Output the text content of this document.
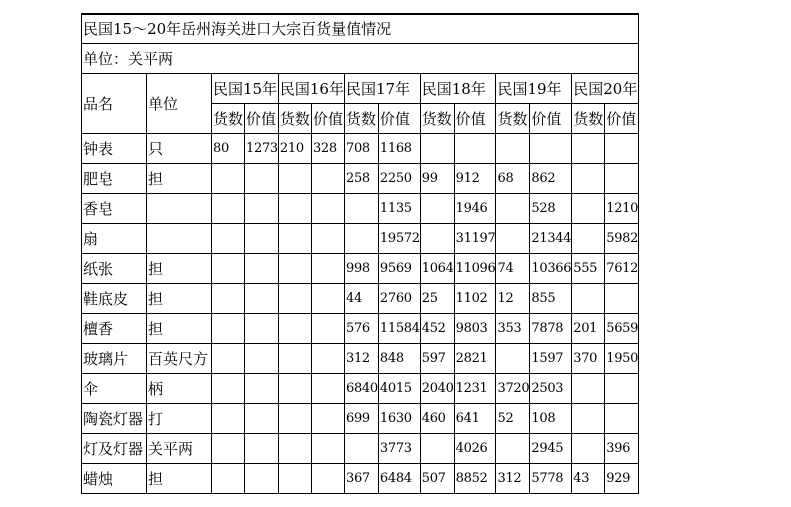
民国15～20年岳州海关进口大宗百货量值情况													
单位：关平两													
品名	单位	民国15年		民国16年		民国17年		民国18年		民国19年		民国20年	
		货数	价值	货数	价值	货数	价值	货数	价值	货数	价值	货数	价值
钟表	只	80	1273	210	328	708	1168						
肥皂	担					258	2250	99	912	68	862		
香皂							1135		1946		528		1210
扇							19572		31197		21344		5982
纸张	担					998	9569	1064	11096	74	10366	555	7612
鞋底皮	担					44	2760	25	1102	12	855		
檀香	担					576	11584	452	9803	353	7878	201	5659
玻璃片	百英尺方					312	848	597	2821		1597	370	1950
伞	柄					6840	4015	2040	1231	3720	2503		
陶瓷灯器	打					699	1630	460	641	52	108		
灯及灯器	关平两						3773		4026		2945		396
蜡烛	担					367	6484	507	8852	312	5778	43	929
